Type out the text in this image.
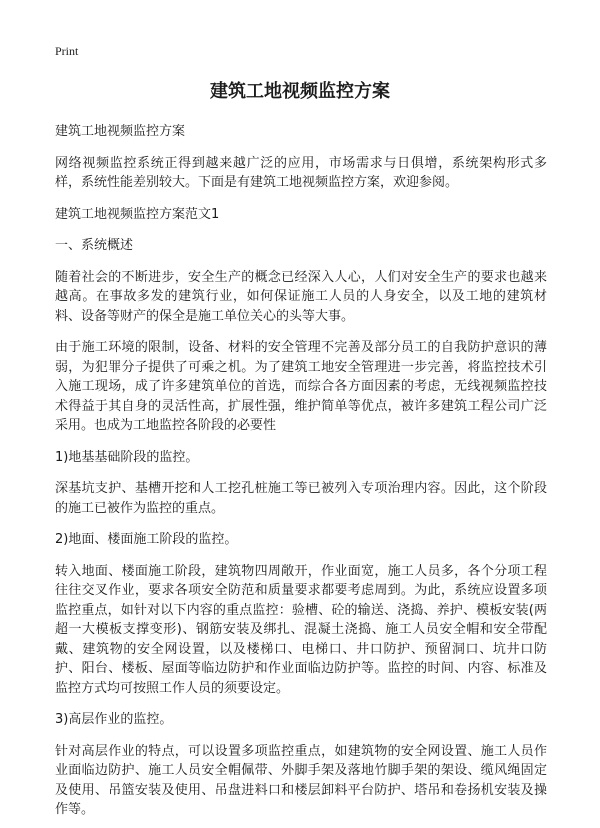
Print
建筑工地视频监控方案

建筑工地视频监控方案

网络视频监控系统正得到越来越广泛的应用，市场需求与日俱增，系统架构形式多样，系统性能差别较大。下面是有建筑工地视频监控方案，欢迎参阅。

建筑工地视频监控方案范文1

一、系统概述

随着社会的不断进步，安全生产的概念已经深入人心，人们对安全生产的要求也越来越高。在事故多发的建筑行业，如何保证施工人员的人身安全，以及工地的建筑材料、设备等财产的保全是施工单位关心的头等大事。

由于施工环境的限制，设备、材料的安全管理不完善及部分员工的自我防护意识的薄弱，为犯罪分子提供了可乘之机。为了建筑工地安全管理进一步完善，将监控技术引入施工现场，成了许多建筑单位的首选，而综合各方面因素的考虑，无线视频监控技术得益于其自身的灵活性高，扩展性强，维护简单等优点，被许多建筑工程公司广泛采用。也成为工地监控各阶段的必要性

1)地基基础阶段的监控。

深基坑支护、基槽开挖和人工挖孔桩施工等已被列入专项治理内容。因此，这个阶段的施工已被作为监控的重点。

2)地面、楼面施工阶段的监控。

转入地面、楼面施工阶段，建筑物四周敞开，作业面宽，施工人员多，各个分项工程往往交叉作业，要求各项安全防范和质量要求都要考虑周到。为此，系统应设置多项监控重点，如针对以下内容的重点监控：验槽、砼的输送、浇捣、养护、模板安装(两超一大模板支撑变形)、钢筋安装及绑扎、混凝土浇捣、施工人员安全帽和安全带配戴、建筑物的安全网设置，以及楼梯口、电梯口、井口防护、预留洞口、坑井口防护、阳台、楼板、屋面等临边防护和作业面临边防护等。监控的时间、内容、标准及监控方式均可按照工作人员的须要设定。

3)高层作业的监控。

针对高层作业的特点，可以设置多项监控重点，如建筑物的安全网设置、施工人员作业面临边防护、施工人员安全帽佩带、外脚手架及落地竹脚手架的架设、缆风绳固定及使用、吊篮安装及使用、吊盘进料口和楼层卸料平台防护、塔吊和卷扬机安装及操作等。
